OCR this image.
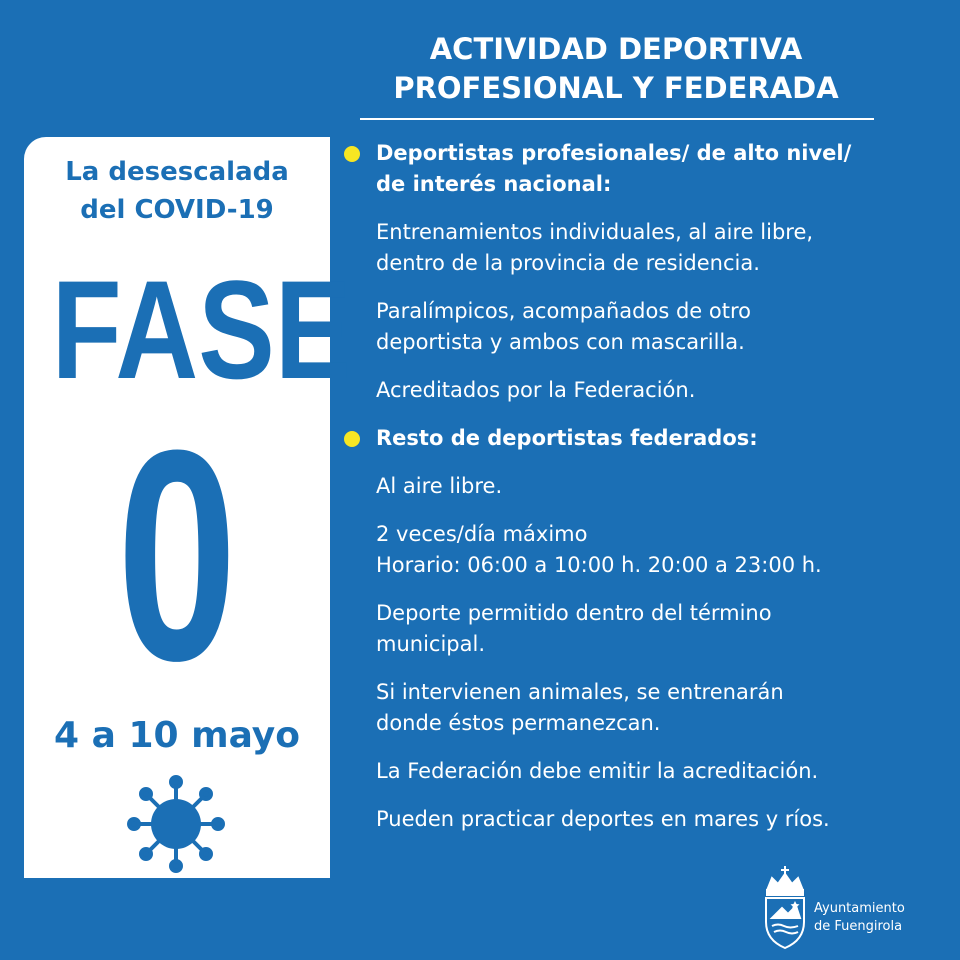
ACTIVIDAD DEPORTIVA
PROFESIONAL Y FEDERADA
La desescalada
del COVID-19
FASE
0
4 a 10 mayo
Deportistas profesionales/ de alto nivel/
de interés nacional:
Entrenamientos individuales, al aire libre,
dentro de la provincia de residencia.
Paralímpicos, acompañados de otro
deportista y ambos con mascarilla.
Acreditados por la Federación.
Resto de deportistas federados:
Al aire libre.
2 veces/día máximo
Horario: 06:00 a 10:00 h. 20:00 a 23:00 h.
Deporte permitido dentro del término
municipal.
Si intervienen animales, se entrenarán
donde éstos permanezcan.
La Federación debe emitir la acreditación.
Pueden practicar deportes en mares y ríos.
Ayuntamiento
de Fuengirola
